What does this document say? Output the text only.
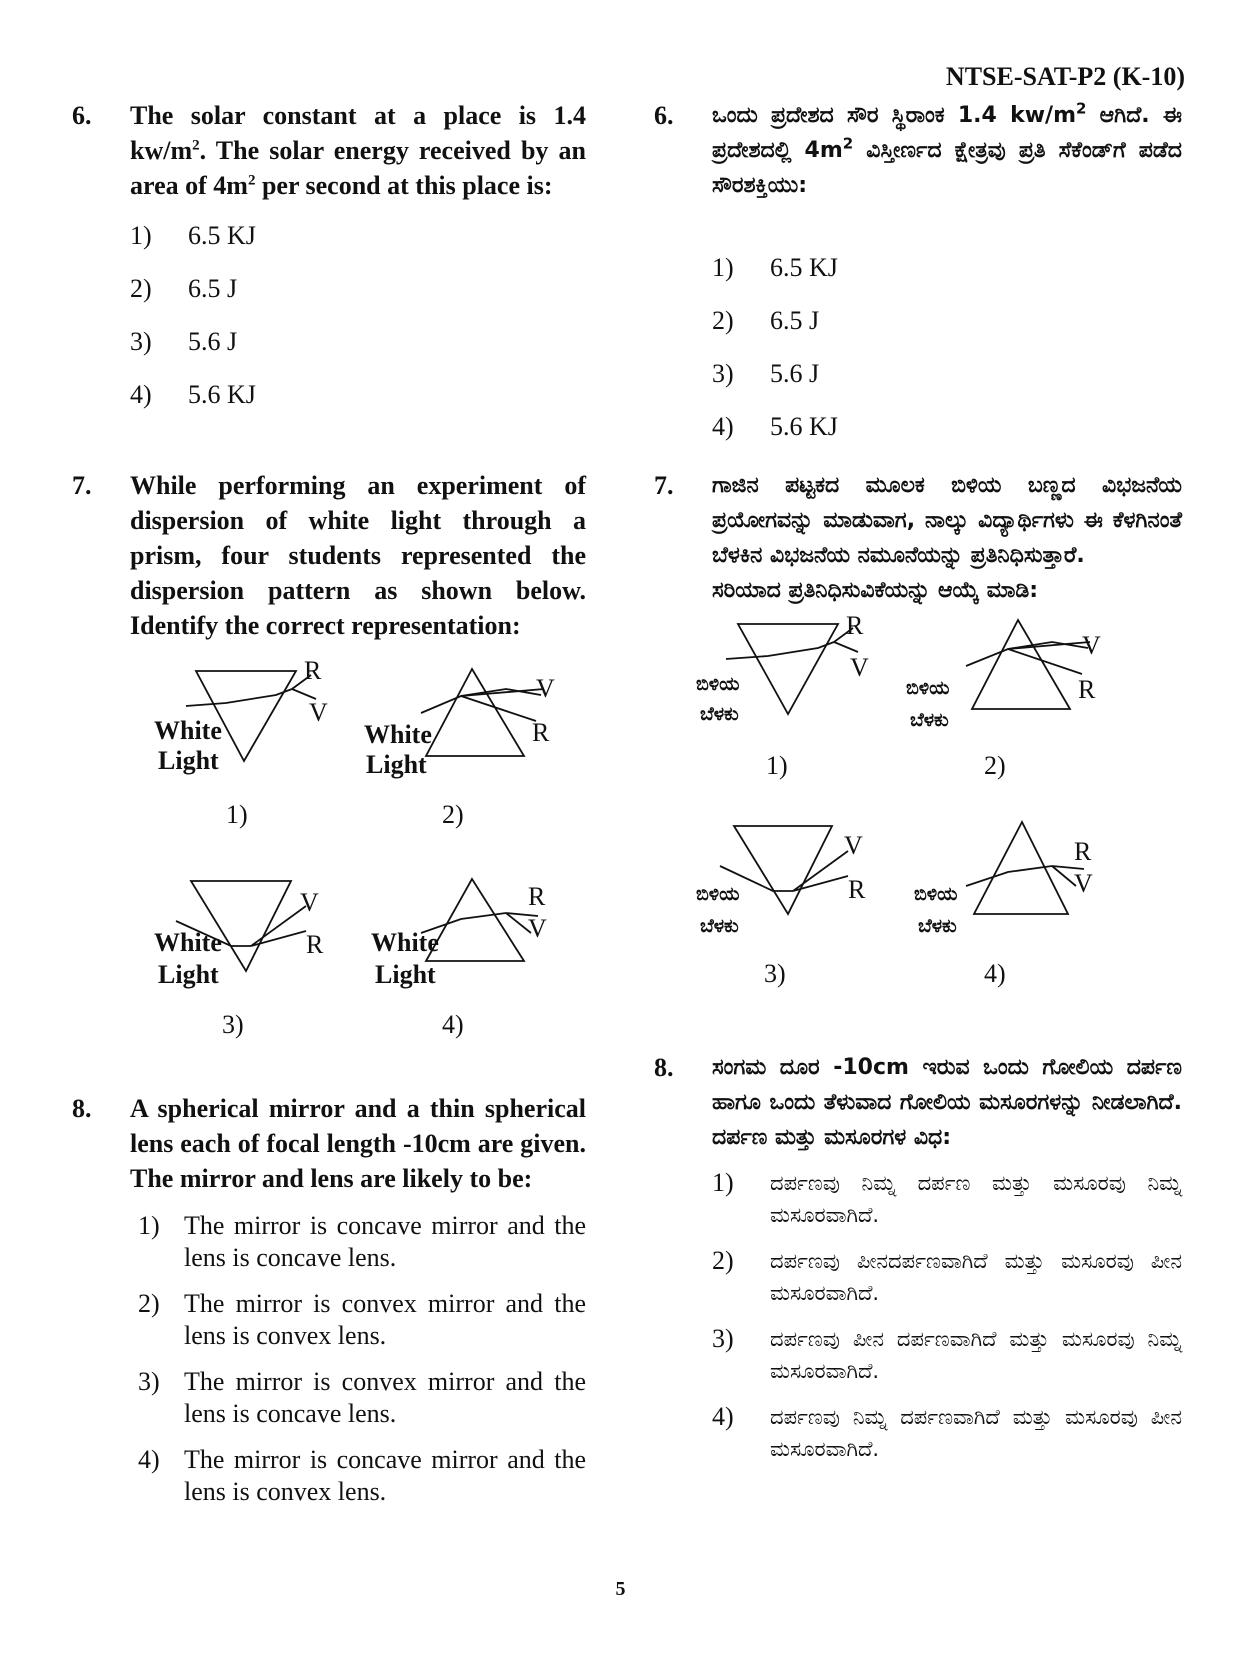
NTSE-SAT-P2 (K-10)
6. The solar constant at a place is 1.4 $kw/m^2$. The solar energy received by an area of $4m^2$ per second at this place is:
1) 6.5 KJ
2) 6.5 J
3) 5.6 J
4) 5.6 KJ
7. While performing an experiment of dispersion of white light through a prism, four students represented the dispersion pattern as shown below. Identify the correct representation:
White
Light
R
V
1)
White
Light
V
R
2)
White
Light
V
R
3)
White
Light
R
V
4)
8. A spherical mirror and a thin spherical lens each of focal length -10cm are given. The mirror and lens are likely to be:
1) The mirror is concave mirror and the lens is concave lens.
2) The mirror is convex mirror and the lens is convex lens.
3) The mirror is convex mirror and the lens is concave lens.
4) The mirror is concave mirror and the lens is convex lens.
6. ಒಂದು ಪ್ರದೇಶದ ಸೌರ ಸ್ಥಿರಾಂಕ 1.4 $kw/m^2$ ಆಗಿದೆ. ಈ ಪ್ರದೇಶದಲ್ಲಿ $4m^2$ ವಿಸ್ತೀರ್ಣದ ಕ್ಷೇತ್ರವು ಪ್ರತಿ ಸೆಕೆಂಡ್‌ಗೆ ಪಡೆದ ಸೌರಶಕ್ತಿಯು:
1) 6.5 KJ
2) 6.5 J
3) 5.6 J
4) 5.6 KJ
7. ಗಾಜಿನ ಪಟ್ಟಕದ ಮೂಲಕ ಬಿಳಿಯ ಬಣ್ಣದ ವಿಭಜನೆಯ ಪ್ರಯೋಗವನ್ನು ಮಾಡುವಾಗ, ನಾಲ್ಕು ವಿದ್ಯಾರ್ಥಿಗಳು ಈ ಕೆಳಗಿನಂತೆ ಬೆಳಕಿನ ವಿಭಜನೆಯ ನಮೂನೆಯನ್ನು ಪ್ರತಿನಿಧಿಸುತ್ತಾರೆ.
ಸರಿಯಾದ ಪ್ರತಿನಿಧಿಸುವಿಕೆಯನ್ನು ಆಯ್ಕೆ ಮಾಡಿ:
ಬಿಳಿಯ
ಬೆಳಕು
ಬಿಳಿಯ
ಬೆಳಕು
ಬಿಳಿಯ
ಬೆಳಕು
ಬಿಳಿಯ
ಬೆಳಕು
R
V
1)
V
R
2)
V
R
3)
R
V
4)
8. ಸಂಗಮ ದೂರ -10cm ಇರುವ ಒಂದು ಗೋಲಿಯ ದರ್ಪಣ ಹಾಗೂ ಒಂದು ತೆಳುವಾದ ಗೋಲಿಯ ಮಸೂರಗಳನ್ನು ನೀಡಲಾಗಿದೆ. ದರ್ಪಣ ಮತ್ತು ಮಸೂರಗಳ ವಿಧ:
1) ದರ್ಪಣವು ನಿಮ್ನ ದರ್ಪಣ ಮತ್ತು ಮಸೂರವು ನಿಮ್ನ ಮಸೂರವಾಗಿದೆ.
2) ದರ್ಪಣವು ಪೀನದರ್ಪಣವಾಗಿದೆ ಮತ್ತು ಮಸೂರವು ಪೀನ ಮಸೂರವಾಗಿದೆ.
3) ದರ್ಪಣವು ಪೀನ ದರ್ಪಣವಾಗಿದೆ ಮತ್ತು ಮಸೂರವು ನಿಮ್ನ ಮಸೂರವಾಗಿದೆ.
4) ದರ್ಪಣವು ನಿಮ್ನ ದರ್ಪಣವಾಗಿದೆ ಮತ್ತು ಮಸೂರವು ಪೀನ ಮಸೂರವಾಗಿದೆ.
5
